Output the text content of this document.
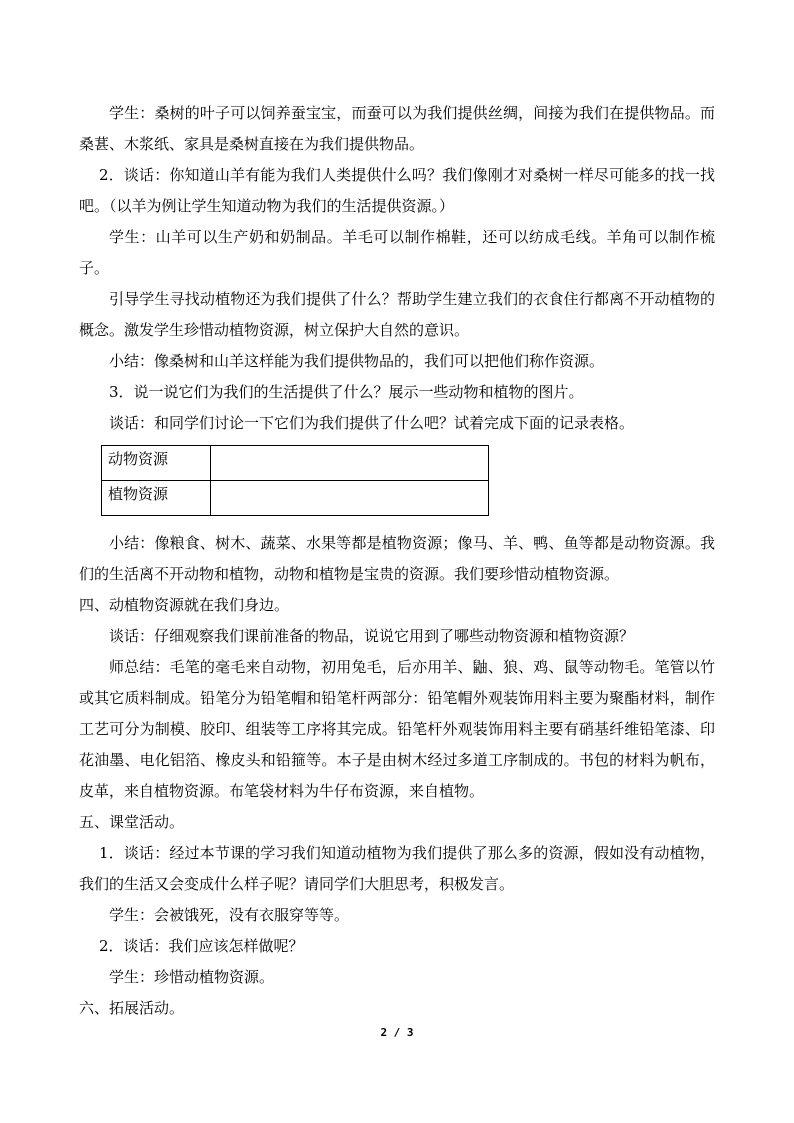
学生：桑树的叶子可以饲养蚕宝宝，而蚕可以为我们提供丝绸，间接为我们在提供物品。而桑葚、木浆纸、家具是桑树直接在为我们提供物品。

2．谈话：你知道山羊有能为我们人类提供什么吗？我们像刚才对桑树一样尽可能多的找一找吧。（以羊为例让学生知道动物为我们的生活提供资源。）

学生：山羊可以生产奶和奶制品。羊毛可以制作棉鞋，还可以纺成毛线。羊角可以制作梳子。

引导学生寻找动植物还为我们提供了什么？帮助学生建立我们的衣食住行都离不开动植物的概念。激发学生珍惜动植物资源，树立保护大自然的意识。

小结：像桑树和山羊这样能为我们提供物品的，我们可以把他们称作资源。

3．说一说它们为我们的生活提供了什么？展示一些动物和植物的图片。

谈话：和同学们讨论一下它们为我们提供了什么吧？试着完成下面的记录表格。

动物资源	
植物资源	

小结：像粮食、树木、蔬菜、水果等都是植物资源；像马、羊、鸭、鱼等都是动物资源。我们的生活离不开动物和植物，动物和植物是宝贵的资源。我们要珍惜动植物资源。

四、动植物资源就在我们身边。

谈话：仔细观察我们课前准备的物品，说说它用到了哪些动物资源和植物资源？

师总结：毛笔的毫毛来自动物，初用兔毛，后亦用羊、鼬、狼、鸡、鼠等动物毛。笔管以竹或其它质料制成。铅笔分为铅笔帽和铅笔杆两部分：铅笔帽外观装饰用料主要为聚酯材料，制作工艺可分为制模、胶印、组装等工序将其完成。铅笔杆外观装饰用料主要有硝基纤维铅笔漆、印花油墨、电化铝箔、橡皮头和铅箍等。本子是由树木经过多道工序制成的。书包的材料为帆布，皮革，来自植物资源。布笔袋材料为牛仔布资源，来自植物。

五、课堂活动。

1．谈话：经过本节课的学习我们知道动植物为我们提供了那么多的资源，假如没有动植物，我们的生活又会变成什么样子呢？请同学们大胆思考，积极发言。

学生：会被饿死，没有衣服穿等等。

2．谈话：我们应该怎样做呢？

学生：珍惜动植物资源。

六、拓展活动。

2 / 3
